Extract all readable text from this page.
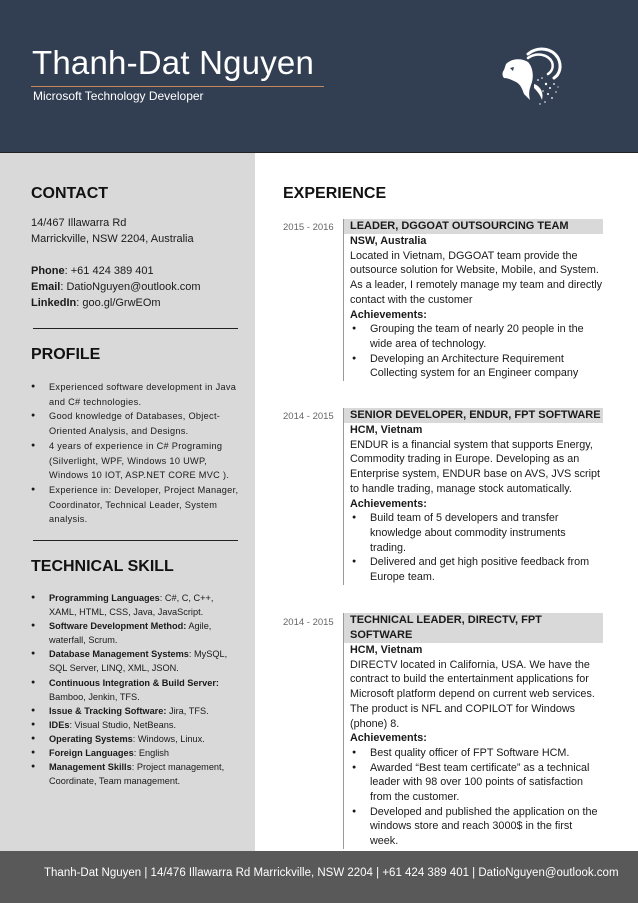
Thanh-Dat Nguyen
Microsoft Technology Developer
CONTACT
14/467 Illawarra Rd
Marrickville, NSW 2204, Australia
Phone: +61 424 389 401
Email: DatioNguyen@outlook.com
LinkedIn: goo.gl/GrwEOm
PROFILE
● Experienced software development in Java and C# technologies.
● Good knowledge of Databases, Object-Oriented Analysis, and Designs.
● 4 years of experience in C# Programing (Silverlight, WPF, Windows 10 UWP, Windows 10 IOT, ASP.NET CORE MVC ).
● Experience in: Developer, Project Manager, Coordinator, Technical Leader, System analysis.
TECHNICAL SKILL
● Programming Languages: C#, C, C++, XAML, HTML, CSS, Java, JavaScript.
● Software Development Method: Agile, waterfall, Scrum.
● Database Management Systems: MySQL, SQL Server, LINQ, XML, JSON.
● Continuous Integration & Build Server: Bamboo, Jenkin, TFS.
● Issue & Tracking Software: Jira, TFS.
● IDEs: Visual Studio, NetBeans.
● Operating Systems: Windows, Linux.
● Foreign Languages: English
● Management Skills: Project management, Coordinate, Team management.
EXPERIENCE
2015 - 2016	LEADER, DGGOAT OUTSOURCING TEAM
NSW, Australia
Located in Vietnam, DGGOAT team provide the outsource solution for Website, Mobile, and System. As a leader, I remotely manage my team and directly contact with the customer
Achievements:
● Grouping the team of nearly 20 people in the wide area of technology.
● Developing an Architecture Requirement Collecting system for an Engineer company
2014 - 2015	SENIOR DEVELOPER, ENDUR, FPT SOFTWARE
HCM, Vietnam
ENDUR is a financial system that supports Energy, Commodity trading in Europe. Developing as an Enterprise system, ENDUR base on AVS, JVS script to handle trading, manage stock automatically.
Achievements:
● Build team of 5 developers and transfer knowledge about commodity instruments trading.
● Delivered and get high positive feedback from Europe team.
2014 - 2015	TECHNICAL LEADER, DIRECTV, FPT SOFTWARE
HCM, Vietnam
DIRECTV located in California, USA. We have the contract to build the entertainment applications for Microsoft platform depend on current web services. The product is NFL and COPILOT for Windows (phone) 8.
Achievements:
● Best quality officer of FPT Software HCM.
● Awarded “Best team certificate” as a technical leader with 98 over 100 points of satisfaction from the customer.
● Developed and published the application on the windows store and reach 3000$ in the first week.
Thanh-Dat Nguyen | 14/476 Illawarra Rd Marrickville, NSW 2204 | +61 424 389 401 | DatioNguyen@outlook.com
